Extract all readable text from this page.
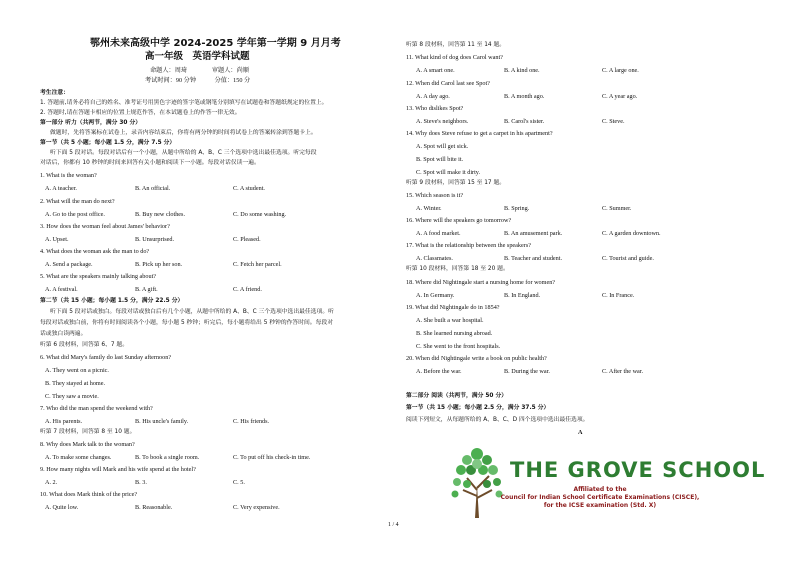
鄂州未来高级中学 2024-2025 学年第一学期 9 月月考
高一年级　英语学科试题
命题人：周琦　　　　审题人：尚顺
考试时间：90 分钟　　　分值：150 分
考生注意：
1. 答题前,请务必将自己的姓名、准考证号用黑色字迹的签字笔或钢笔分别填写在试题卷和答题纸规定的位置上。
2. 答题时,请在答题卡相应的位置上规范作答，在本试题卷上的作答一律无效。
第一部分 听力（共两节，满分 30 分）
做题时，先将答案标在试卷上，录音内容结束后，你将有两分钟的时间将试卷上的答案转涂到答题卡上。
第一节（共 5 小题；每小题 1.5 分，满分 7.5 分）
听下面 5 段对话。每段对话后有一个小题，从题中所给的 A、B、C 三个选项中选出最佳选项。听完每段
对话后，你都有 10 秒钟的时间来回答有关小题和阅读下一小题。每段对话仅读一遍。
1. What is the woman?
A. A teacher.	B. An official.	C. A student.
2. What will the man do next?
A. Go to the post office.	B. Buy new clothes.	C. Do some washing.
3. How does the woman feel about James' behavior?
A. Upset.	B. Unsurprised.	C. Pleased.
4. What does the woman ask the man to do?
A. Send a package.	B. Pick up her son.	C. Fetch her parcel.
5. What are the speakers mainly talking about?
A. A festival.	B. A gift.	C. A friend.
第二节（共 15 小题；每小题 1.5 分，满分 22.5 分）
听下面 5 段对话或独白。每段对话或独白后有几个小题，从题中所给的 A、B、C 三个选项中选出最佳选项。听
每段对话或独白前，你将有时间阅读各个小题，每小题 5 秒钟；听完后，每小题将给出 5 秒钟的作答时间。每段对
话或独白读两遍。
听第 6 段材料，回答第 6、7 题。
6. What did Mary's family do last Sunday afternoon?
A. They went on a picnic.
B. They stayed at home.
C. They saw a movie.
7. Who did the man spend the weekend with?
A. His parents.	B. His uncle's family.	C. His friends.
听第 7 段材料，回答第 8 至 10 题。
8. Why does Mark talk to the woman?
A. To make some changes.	B. To book a single room.	C. To put off his check-in time.
9. How many nights will Mark and his wife spend at the hotel?
A. 2.	B. 3.	C. 5.
10. What does Mark think of the price?
A. Quite low.	B. Reasonable.	C. Very expensive.
听第 8 段材料，回答第 11 至 14 题。
11. What kind of dog does Carol want?
A. A smart one.	B. A kind one.	C. A large one.
12. When did Carol last see Spot?
A. A day ago.	B. A month ago.	C. A year ago.
13. Who dislikes Spot?
A. Steve's neighbors.	B. Carol's sister.	C. Steve.
14. Why does Steve refuse to get a carpet in his apartment?
A. Spot will get sick.
B. Spot will bite it.
C. Spot will make it dirty.
听第 9 段材料，回答第 15 至 17 题。
15. Which season is it?
A. Winter.	B. Spring.	C. Summer.
16. Where will the speakers go tomorrow?
A. A food market.	B. An amusement park.	C. A garden downtown.
17. What is the relationship between the speakers?
A. Classmates.	B. Teacher and student.	C. Tourist and guide.
听第 10 段材料，回答第 18 至 20 题。
18. Where did Nightingale start a nursing home for women?
A. In Germany.	B. In England.	C. In France.
19. What did Nightingale do in 1854?
A. She built a war hospital.
B. She learned nursing abroad.
C. She went to the front hospitals.
20. When did Nightingale write a book on public health?
A. Before the war.	B. During the war.	C. After the war.
第二部分 阅读（共两节，满分 50 分）
第一节（共 15 小题；每小题 2.5 分，满分 37.5 分）
阅读下列短文，从每题所给的 A、B、C、D 四个选项中选出最佳选项。
A
THE GROVE SCHOOL
Affiliated to the
Council for Indian School Certificate Examinations (CISCE),
for the ICSE examination (Std. X)
1 / 4
